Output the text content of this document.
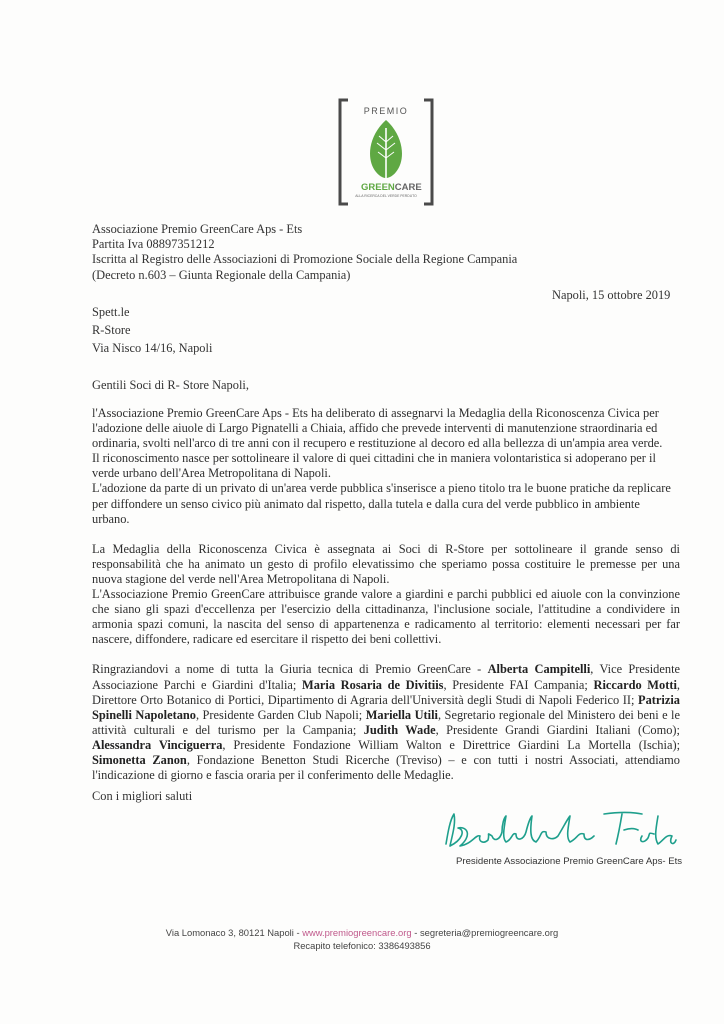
PREMIO
GREENCARE
ALLA RICERCA DEL VERDE PERDUTO
Associazione Premio GreenCare Aps - Ets
Partita Iva 08897351212
Iscritta al Registro delle Associazioni di Promozione Sociale della Regione Campania
(Decreto n.603 – Giunta Regionale della Campania)
Napoli, 15 ottobre 2019
Spett.le
R-Store
Via Nisco 14/16, Napoli
Gentili Soci di R- Store Napoli,

l'Associazione Premio GreenCare Aps - Ets ha deliberato di assegnarvi la Medaglia della Riconoscenza Civica per l'adozione delle aiuole di Largo Pignatelli a Chiaia, affido che prevede interventi di manutenzione straordinaria ed ordinaria, svolti nell'arco di tre anni con il recupero e restituzione al decoro ed alla bellezza di un'ampia area verde.

Il riconoscimento nasce per sottolineare il valore di quei cittadini che in maniera volontaristica si adoperano per il verde urbano dell'Area Metropolitana di Napoli.

L'adozione da parte di un privato di un'area verde pubblica s'inserisce a pieno titolo tra le buone pratiche da replicare per diffondere un senso civico più animato dal rispetto, dalla tutela e dalla cura del verde pubblico in ambiente urbano.

La Medaglia della Riconoscenza Civica è assegnata ai Soci di R-Store per sottolineare il grande senso di responsabilità che ha animato un gesto di profilo elevatissimo che speriamo possa costituire le premesse per una nuova stagione del verde nell'Area Metropolitana di Napoli.

L'Associazione Premio GreenCare attribuisce grande valore a giardini e parchi pubblici ed aiuole con la convinzione che siano gli spazi d'eccellenza per l'esercizio della cittadinanza, l'inclusione sociale, l'attitudine a condividere in armonia spazi comuni, la nascita del senso di appartenenza e radicamento al territorio: elementi necessari per far nascere, diffondere, radicare ed esercitare il rispetto dei beni collettivi.

Ringraziandovi a nome di tutta la Giuria tecnica di Premio GreenCare - Alberta Campitelli, Vice Presidente Associazione Parchi e Giardini d'Italia; Maria Rosaria de Divitiis, Presidente FAI Campania; Riccardo Motti, Direttore Orto Botanico di Portici, Dipartimento di Agraria dell'Università degli Studi di Napoli Federico II; Patrizia Spinelli Napoletano, Presidente Garden Club Napoli; Mariella Utili, Segretario regionale del Ministero dei beni e le attività culturali e del turismo per la Campania; Judith Wade, Presidente Grandi Giardini Italiani (Como); Alessandra Vinciguerra, Presidente Fondazione William Walton e Direttrice Giardini La Mortella (Ischia); Simonetta Zanon, Fondazione Benetton Studi Ricerche (Treviso) – e con tutti i nostri Associati, attendiamo l'indicazione di giorno e fascia oraria per il conferimento delle Medaglie.

Con i migliori saluti
Presidente Associazione Premio GreenCare Aps- Ets
Via Lomonaco 3, 80121 Napoli - www.premiogreencare.org - segreteria@premiogreencare.org
Recapito telefonico: 3386493856
